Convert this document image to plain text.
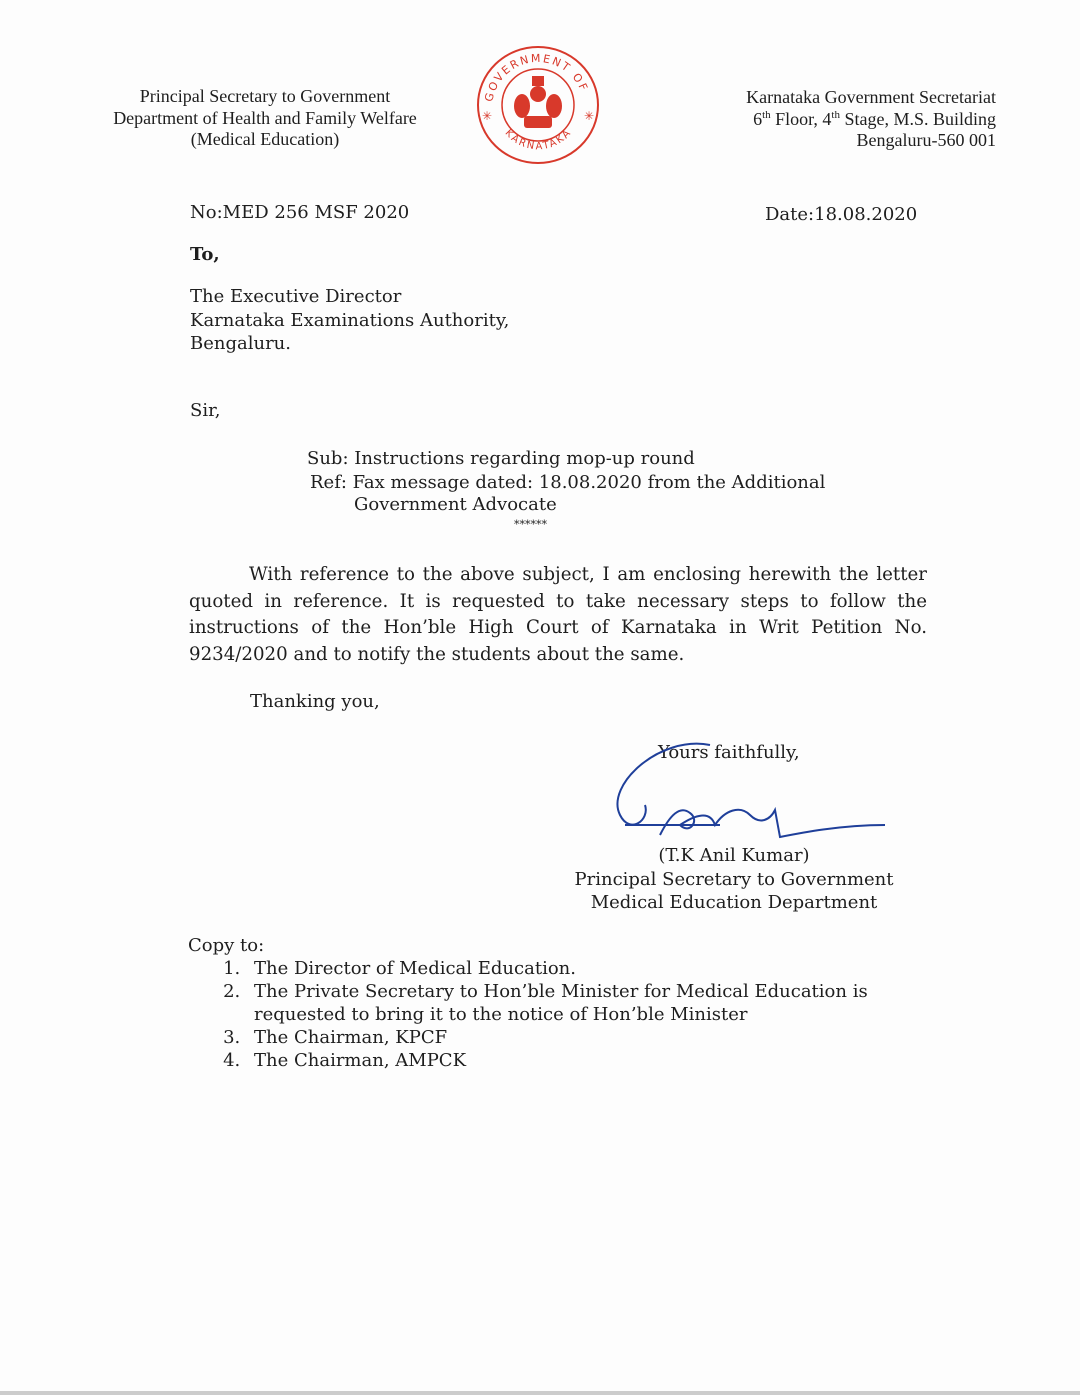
Principal Secretary to Government
Department of Health and Family Welfare
(Medical Education)
GOVERNMENT OF
KARNATAKA
✳	✳
Karnataka Government Secretariat
6th Floor, 4th Stage, M.S. Building
Bengaluru-560 001
No:MED 256 MSF 2020	Date:18.08.2020
To,
The Executive Director
Karnataka Examinations Authority,
Bengaluru.
Sir,
Sub: Instructions regarding mop-up round
Ref: Fax message dated: 18.08.2020 from the Additional
Government Advocate
******
With reference to the above subject, I am enclosing herewith the letter quoted in reference. It is requested to take necessary steps to follow the instructions of the Hon’ble High Court of Karnataka in Writ Petition No. 9234/2020 and to notify the students about the same.
Thanking you,
Yours faithfully,
(T.K Anil Kumar)
Principal Secretary to Government
Medical Education Department
Copy to:
1. The Director of Medical Education.
2. The Private Secretary to Hon’ble Minister for Medical Education is
requested to bring it to the notice of Hon’ble Minister
3. The Chairman, KPCF
4. The Chairman, AMPCK
